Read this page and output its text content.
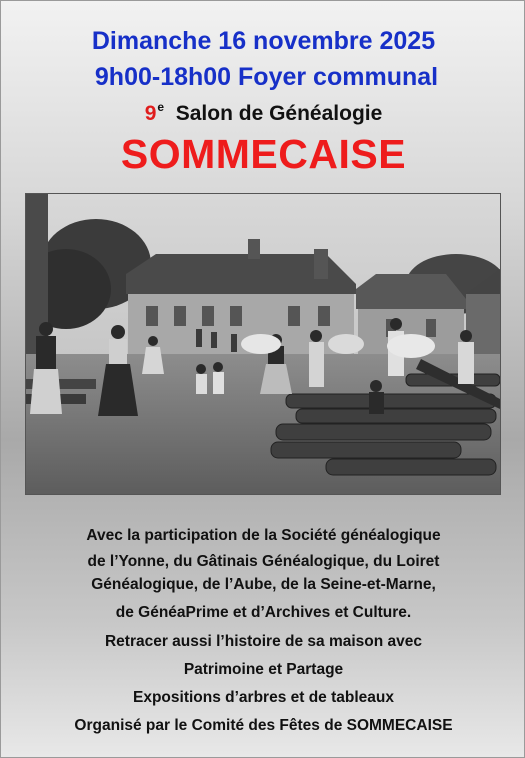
Dimanche 16 novembre 2025
9h00-18h00 Foyer communal
9e Salon de Généalogie
SOMMECAISE
Avec la participation de la Société généalogique
de l’Yonne, du Gâtinais Généalogique, du Loiret
Généalogique, de l’Aube, de la Seine-et-Marne,
de GénéaPrime et d’Archives et Culture.
Retracer aussi l’histoire de sa maison avec
Patrimoine et Partage
Expositions d’arbres et de tableaux
Organisé par le Comité des Fêtes de SOMMECAISE
